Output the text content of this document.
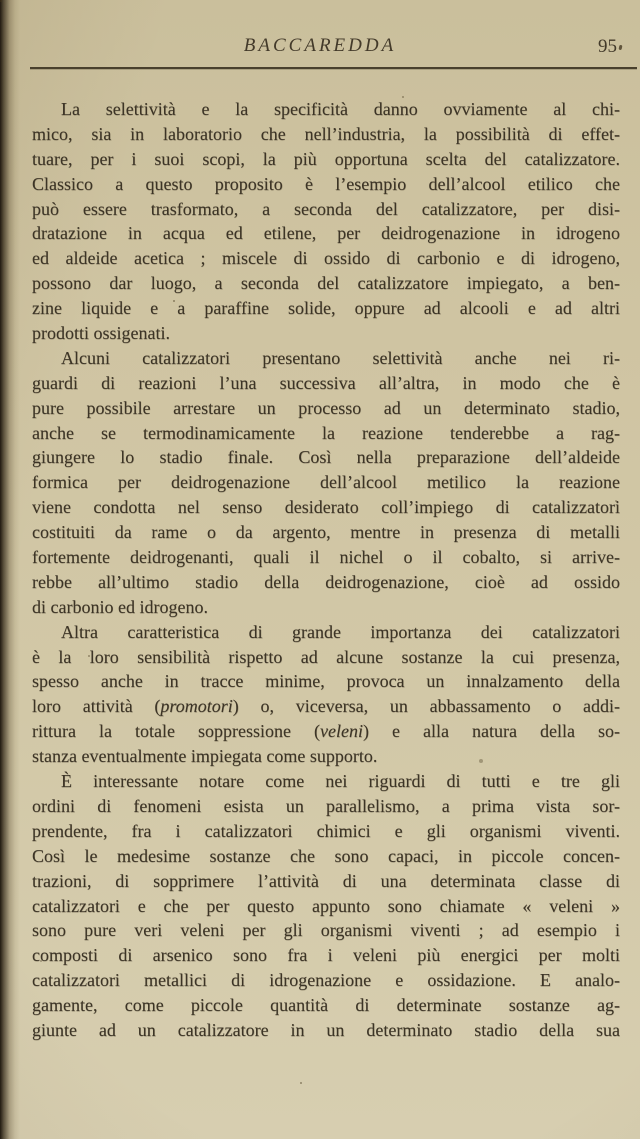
BACCAREDDA	95
La selettività e la specificità danno ovviamente al chi-
mico, sia in laboratorio che nell’industria, la possibilità di effet-
tuare, per i suoi scopi, la più opportuna scelta del catalizzatore.
Classico a questo proposito è l’esempio dell’alcool etilico che
può essere trasformato, a seconda del catalizzatore, per disi-
dratazione in acqua ed etilene, per deidrogenazione in idrogeno
ed aldeide acetica ; miscele di ossido di carbonio e di idrogeno,
possono dar luogo, a seconda del catalizzatore impiegato, a ben-
zine liquide e a paraffine solide, oppure ad alcooli e ad altri
prodotti ossigenati.
Alcuni catalizzatori presentano selettività anche nei ri-
guardi di reazioni l’una successiva all’altra, in modo che è
pure possibile arrestare un processo ad un determinato stadio,
anche se termodinamicamente la reazione tenderebbe a rag-
giungere lo stadio finale. Così nella preparazione dell’aldeide
formica per deidrogenazione dell’alcool metilico la reazione
viene condotta nel senso desiderato coll’impiego di catalizzatori
costituiti da rame o da argento, mentre in presenza di metalli
fortemente deidrogenanti, quali il nichel o il cobalto, si arrive-
rebbe all’ultimo stadio della deidrogenazione, cioè ad ossido
di carbonio ed idrogeno.
Altra caratteristica di grande importanza dei catalizzatori
è la loro sensibilità rispetto ad alcune sostanze la cui presenza,
spesso anche in tracce minime, provoca un innalzamento della
loro attività (promotori) o, viceversa, un abbassamento o addi-
rittura la totale soppressione (veleni) e alla natura della so-
stanza eventualmente impiegata come supporto.
È interessante notare come nei riguardi di tutti e tre gli
ordini di fenomeni esista un parallelismo, a prima vista sor-
prendente, fra i catalizzatori chimici e gli organismi viventi.
Così le medesime sostanze che sono capaci, in piccole concen-
trazioni, di sopprimere l’attività di una determinata classe di
catalizzatori e che per questo appunto sono chiamate « veleni »
sono pure veri veleni per gli organismi viventi ; ad esempio i
composti di arsenico sono fra i veleni più energici per molti
catalizzatori metallici di idrogenazione e ossidazione. E analo-
gamente, come piccole quantità di determinate sostanze ag-
giunte ad un catalizzatore in un determinato stadio della sua
